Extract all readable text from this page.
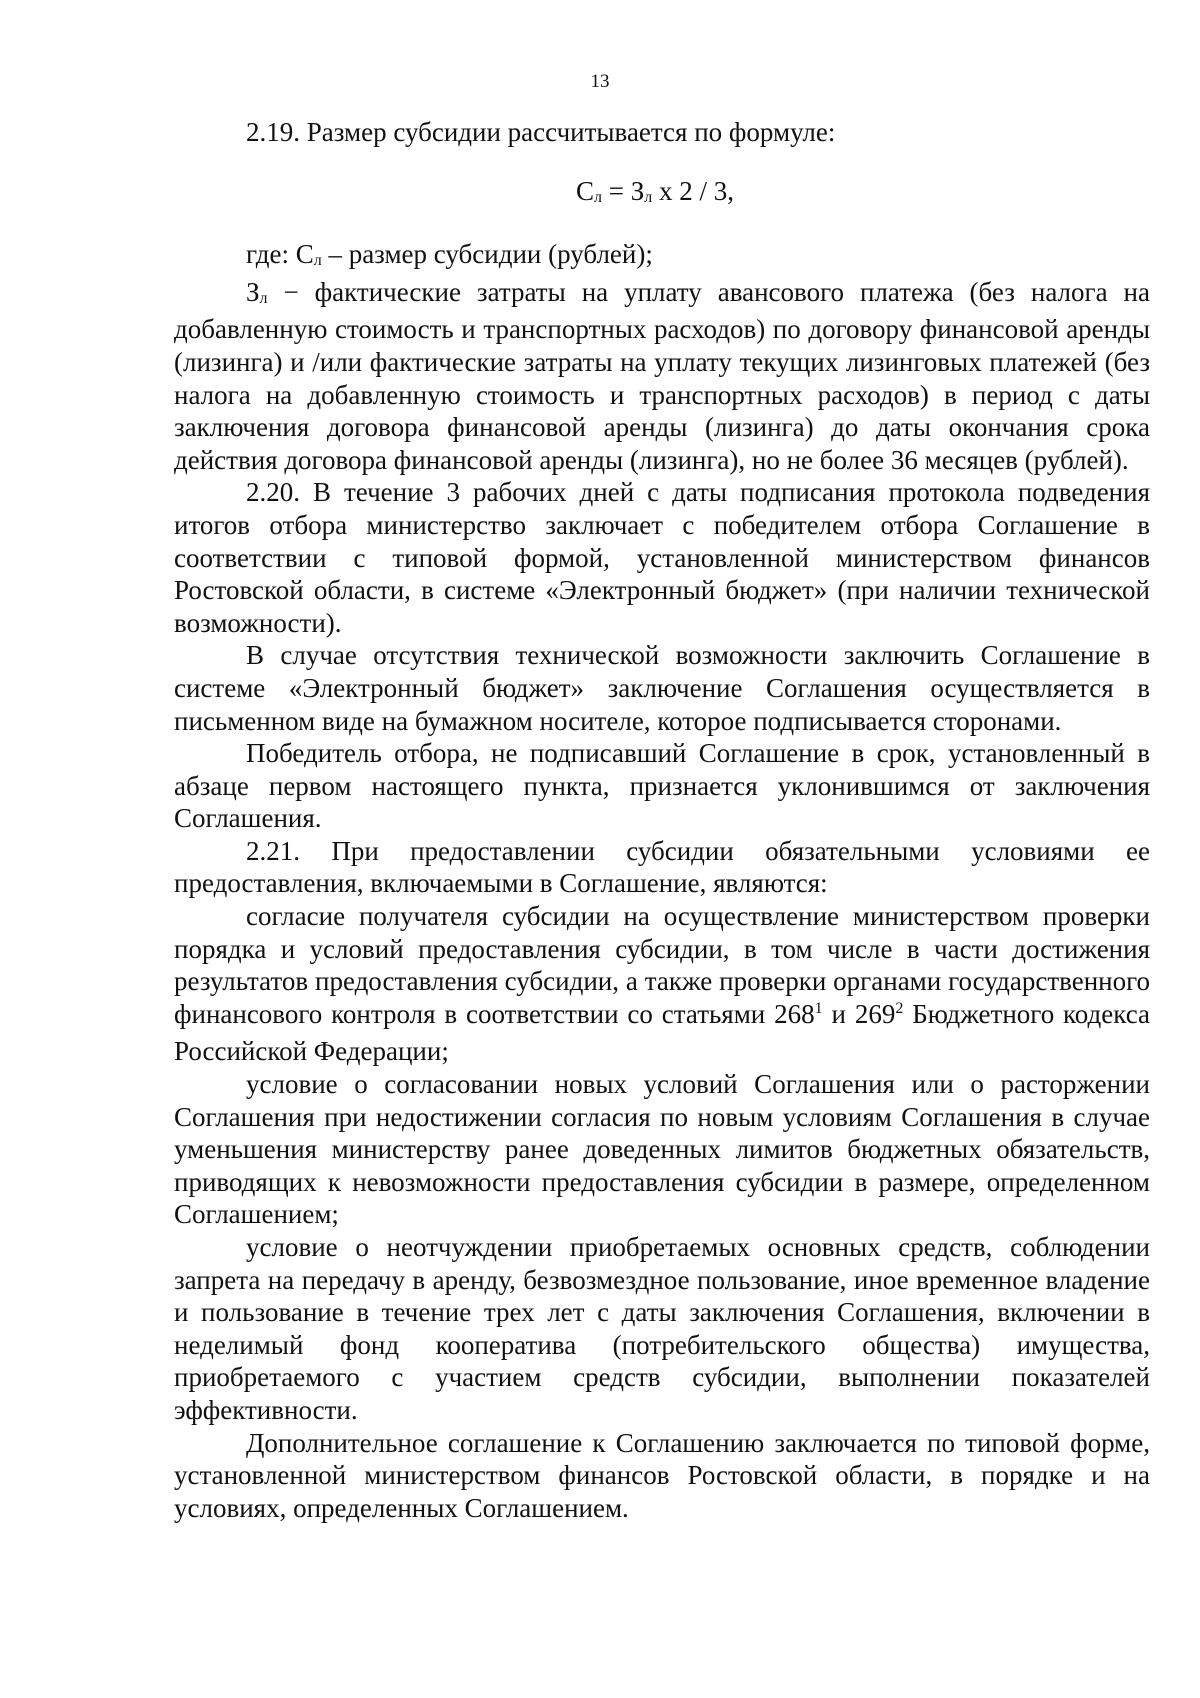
13

2.19. Размер субсидии рассчитывается по формуле:

$С_л = З_л$ х 2 / 3,

где: $С_л$ – размер субсидии (рублей);

$З_л$ − фактические затраты на уплату авансового платежа (без налога на добавленную стоимость и транспортных расходов) по договору финансовой аренды (лизинга) и /или фактические затраты на уплату текущих лизинговых платежей (без налога на добавленную стоимость и транспортных расходов) в период с даты заключения договора финансовой аренды (лизинга) до даты окончания срока действия договора финансовой аренды (лизинга), но не более 36 месяцев (рублей).

2.20. В течение 3 рабочих дней с даты подписания протокола подведения итогов отбора министерство заключает с победителем отбора Соглашение в соответствии с типовой формой, установленной министерством финансов Ростовской области, в системе «Электронный бюджет» (при наличии технической возможности).

В случае отсутствия технической возможности заключить Соглашение в системе «Электронный бюджет» заключение Соглашения осуществляется в письменном виде на бумажном носителе, которое подписывается сторонами.

Победитель отбора, не подписавший Соглашение в срок, установленный в абзаце первом настоящего пункта, признается уклонившимся от заключения Соглашения.

2.21. При предоставлении субсидии обязательными условиями ее предоставления, включаемыми в Соглашение, являются:

согласие получателя субсидии на осуществление министерством проверки порядка и условий предоставления субсидии, в том числе в части достижения результатов предоставления субсидии, а также проверки органами государственного финансового контроля в соответствии со статьями $268^1$ и $269^2$ Бюджетного кодекса Российской Федерации;

условие о согласовании новых условий Соглашения или о расторжении Соглашения при недостижении согласия по новым условиям Соглашения в случае уменьшения министерству ранее доведенных лимитов бюджетных обязательств, приводящих к невозможности предоставления субсидии в размере, определенном Соглашением;

условие о неотчуждении приобретаемых основных средств, соблюдении запрета на передачу в аренду, безвозмездное пользование, иное временное владение и пользование в течение трех лет с даты заключения Соглашения, включении в неделимый фонд кооператива (потребительского общества) имущества, приобретаемого с участием средств субсидии, выполнении показателей эффективности.

Дополнительное соглашение к Соглашению заключается по типовой форме, установленной министерством финансов Ростовской области, в порядке и на условиях, определенных Соглашением.
